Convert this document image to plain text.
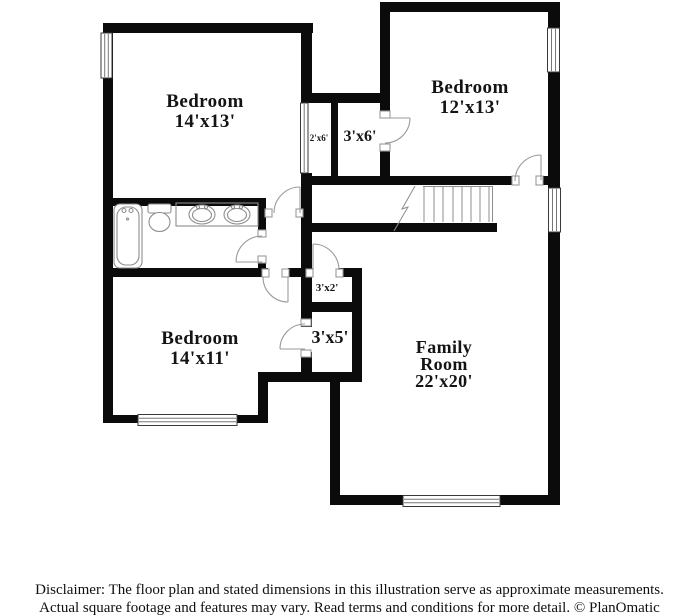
Bedroom
14'x13'
Bedroom
12'x13'
Bedroom
14'x11'
Family
Room
22'x20'
2'x6' 3'x6'
3'x2'
3'x5'
Disclaimer: The floor plan and stated dimensions in this illustration serve as approximate measurements.
Actual square footage and features may vary. Read terms and conditions for more detail. © PlanOmatic
